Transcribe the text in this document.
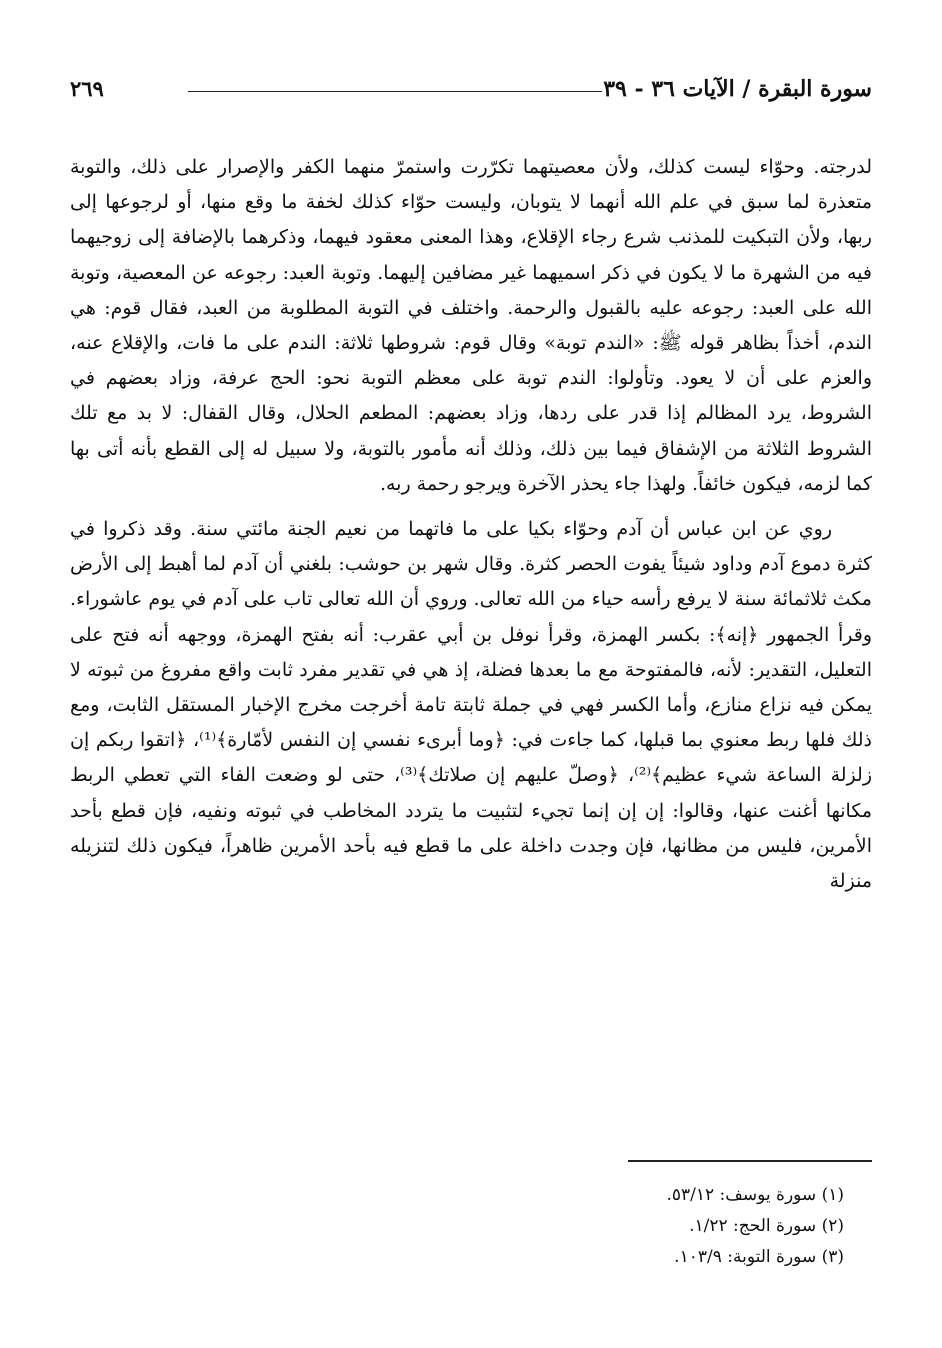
سورة البقرة / الآيات ٣٦ - ٣٩
٢٦٩

لدرجته. وحوّاء ليست كذلك، ولأن معصيتهما تكرّرت واستمرّ منهما الكفر والإصرار على ذلك، والتوبة متعذرة لما سبق في علم الله أنهما لا يتوبان، وليست حوّاء كذلك لخفة ما وقع منها، أو لرجوعها إلى ربها، ولأن التبكيت للمذنب شرع رجاء الإقلاع، وهذا المعنى معقود فيهما، وذكرهما بالإضافة إلى زوجيهما فيه من الشهرة ما لا يكون في ذكر اسميهما غير مضافين إليهما. وتوبة العبد: رجوعه عن المعصية، وتوبة الله على العبد: رجوعه عليه بالقبول والرحمة. واختلف في التوبة المطلوبة من العبد، فقال قوم: هي الندم، أخذاً بظاهر قوله ﷺ: «الندم توبة» وقال قوم: شروطها ثلاثة: الندم على ما فات، والإقلاع عنه، والعزم على أن لا يعود. وتأولوا: الندم توبة على معظم التوبة نحو: الحج عرفة، وزاد بعضهم في الشروط، يرد المظالم إذا قدر على ردها، وزاد بعضهم: المطعم الحلال، وقال القفال: لا بد مع تلك الشروط الثلاثة من الإشفاق فيما بين ذلك، وذلك أنه مأمور بالتوبة، ولا سبيل له إلى القطع بأنه أتى بها كما لزمه، فيكون خائفاً. ولهذا جاء يحذر الآخرة ويرجو رحمة ربه.

روي عن ابن عباس أن آدم وحوّاء بكيا على ما فاتهما من نعيم الجنة مائتي سنة. وقد ذكروا في كثرة دموع آدم وداود شيئاً يفوت الحصر كثرة. وقال شهر بن حوشب: بلغني أن آدم لما أهبط إلى الأرض مكث ثلاثمائة سنة لا يرفع رأسه حياء من الله تعالى. وروي أن الله تعالى تاب على آدم في يوم عاشوراء. وقرأ الجمهور ﴿إنه﴾: بكسر الهمزة، وقرأ نوفل بن أبي عقرب: أنه بفتح الهمزة، ووجهه أنه فتح على التعليل، التقدير: لأنه، فالمفتوحة مع ما بعدها فضلة، إذ هي في تقدير مفرد ثابت واقع مفروغ من ثبوته لا يمكن فيه نزاع منازع، وأما الكسر فهي في جملة ثابتة تامة أخرجت مخرج الإخبار المستقل الثابت، ومع ذلك فلها ربط معنوي بما قبلها، كما جاءت في: ﴿وما أبرىء نفسي إن النفس لأمّارة﴾⁽¹⁾، ﴿اتقوا ربكم إن زلزلة الساعة شيء عظيم﴾⁽²⁾، ﴿وصلّ عليهم إن صلاتك﴾⁽³⁾، حتى لو وضعت الفاء التي تعطي الربط مكانها أغنت عنها، وقالوا: إن إن إنما تجيء لتثبيت ما يتردد المخاطب في ثبوته ونفيه، فإن قطع بأحد الأمرين، فليس من مظانها، فإن وجدت داخلة على ما قطع فيه بأحد الأمرين ظاهراً، فيكون ذلك لتنزيله منزلة

(١) سورة يوسف: ٥٣/١٢.
(٢) سورة الحج: ١/٢٢.
(٣) سورة التوبة: ١٠٣/٩.
